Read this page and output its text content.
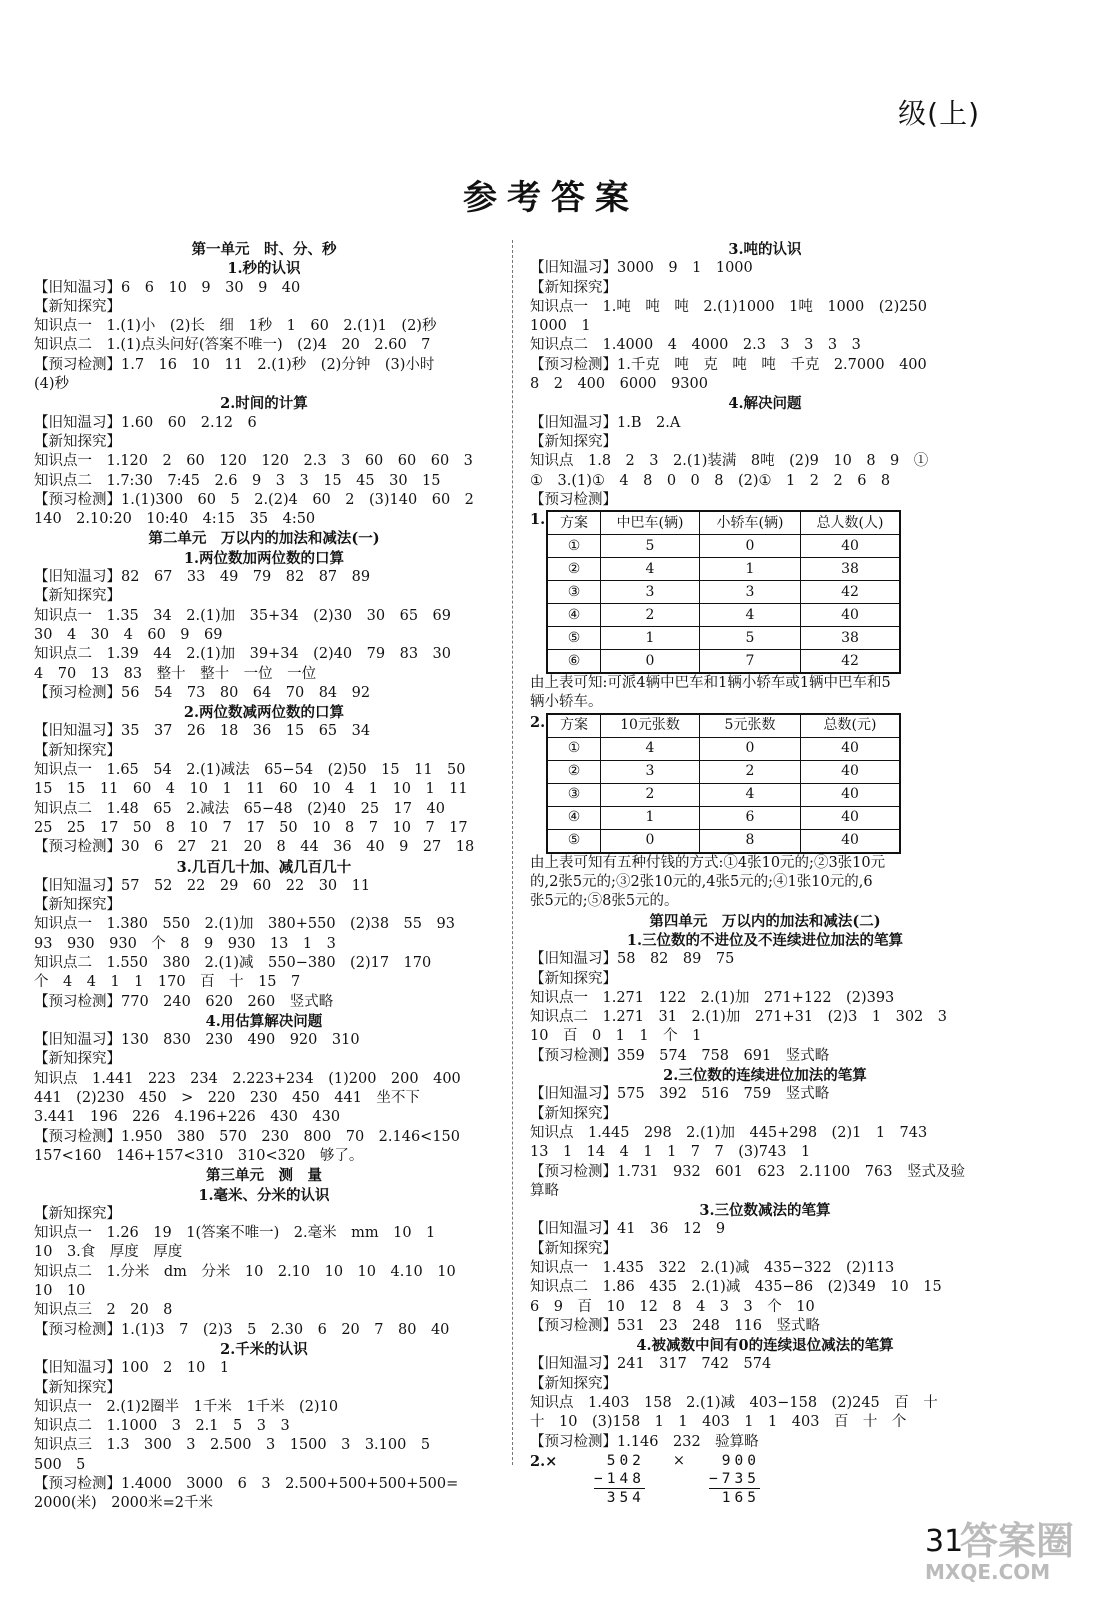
级(上)
参考答案
第一单元　时、分、秒
1.秒的认识
【旧知温习】6　6　10　9　30　9　40
【新知探究】
知识点一　1.(1)小　(2)长　细　1秒　1　60　2.(1)1　(2)秒
知识点二　1.(1)点头问好(答案不唯一)　(2)4　20　2.60　7
【预习检测】1.7　16　10　11　2.(1)秒　(2)分钟　(3)小时
(4)秒
2.时间的计算
【旧知温习】1.60　60　2.12　6
【新知探究】
知识点一　1.120　2　60　120　120　2.3　3　60　60　60　3
知识点二　1.7:30　7:45　2.6　9　3　3　15　45　30　15
【预习检测】1.(1)300　60　5　2.(2)4　60　2　(3)140　60　2
140　2.10:20　10:40　4:15　35　4:50
第二单元　万以内的加法和减法(一)
1.两位数加两位数的口算
【旧知温习】82　67　33　49　79　82　87　89
【新知探究】
知识点一　1.35　34　2.(1)加　35+34　(2)30　30　65　69
30　4　30　4　60　9　69
知识点二　1.39　44　2.(1)加　39+34　(2)40　79　83　30
4　70　13　83　整十　整十　一位　一位
【预习检测】56　54　73　80　64　70　84　92
2.两位数减两位数的口算
【旧知温习】35　37　26　18　36　15　65　34
【新知探究】
知识点一　1.65　54　2.(1)减法　65−54　(2)50　15　11　50
15　15　11　60　4　10　1　11　60　10　4　1　10　1　11
知识点二　1.48　65　2.减法　65−48　(2)40　25　17　40
25　25　17　50　8　10　7　17　50　10　8　7　10　7　17
【预习检测】30　6　27　21　20　8　44　36　40　9　27　18
3.几百几十加、减几百几十
【旧知温习】57　52　22　29　60　22　30　11
【新知探究】
知识点一　1.380　550　2.(1)加　380+550　(2)38　55　93
93　930　930　个　8　9　930　13　1　3
知识点二　1.550　380　2.(1)减　550−380　(2)17　170
个　4　4　1　1　170　百　十　15　7
【预习检测】770　240　620　260　竖式略
4.用估算解决问题
【旧知温习】130　830　230　490　920　310
【新知探究】
知识点　1.441　223　234　2.223+234　(1)200　200　400
441　(2)230　450　>　220　230　450　441　坐不下
3.441　196　226　4.196+226　430　430
【预习检测】1.950　380　570　230　800　70　2.146<150
157<160　146+157<310　310<320　够了。
第三单元　测　量
1.毫米、分米的认识
【新知探究】
知识点一　1.26　19　1(答案不唯一)　2.毫米　mm　10　1
10　3.食　厚度　厚度
知识点二　1.分米　dm　分米　10　2.10　10　10　4.10　10
10　10
知识点三　2　20　8
【预习检测】1.(1)3　7　(2)3　5　2.30　6　20　7　80　40
2.千米的认识
【旧知温习】100　2　10　1
【新知探究】
知识点一　2.(1)2圈半　1千米　1千米　(2)10
知识点二　1.1000　3　2.1　5　3　3
知识点三　1.3　300　3　2.500　3　1500　3　3.100　5
500　5
【预习检测】1.4000　3000　6　3　2.500+500+500+500=
2000(米)　2000米=2千米
3.吨的认识
【旧知温习】3000　9　1　1000
【新知探究】
知识点一　1.吨　吨　吨　2.(1)1000　1吨　1000　(2)250
1000　1
知识点二　1.4000　4　4000　2.3　3　3　3　3
【预习检测】1.千克　吨　克　吨　吨　千克　2.7000　400
8　2　400　6000　9300
4.解决问题
【旧知温习】1.B　2.A
【新知探究】
知识点　1.8　2　3　2.(1)装满　8吨　(2)9　10　8　9　①
①　3.(1)①　4　8　0　0　8　(2)①　1　2　2　6　8
【预习检测】
1. 方案	中巴车(辆)	小轿车(辆)	总人数(人)
①	5	0	40
②	4	1	38
③	3	3	42
④	2	4	40
⑤	1	5	38
⑥	0	7	42
由上表可知:可派4辆中巴车和1辆小轿车或1辆中巴车和5
辆小轿车。
2. 方案	10元张数	5元张数	总数(元)
①	4	0	40
②	3	2	40
③	2	4	40
④	1	6	40
⑤	0	8	40
由上表可知有五种付钱的方式:①4张10元的;②3张10元
的,2张5元的;③2张10元的,4张5元的;④1张10元的,6
张5元的;⑤8张5元的。
第四单元　万以内的加法和减法(二)
1.三位数的不进位及不连续进位加法的笔算
【旧知温习】58　82　89　75
【新知探究】
知识点一　1.271　122　2.(1)加　271+122　(2)393
知识点二　1.271　31　2.(1)加　271+31　(2)3　1　302　3
10　百　0　1　1　个　1
【预习检测】359　574　758　691　竖式略
2.三位数的连续进位加法的笔算
【旧知温习】575　392　516　759　竖式略
【新知探究】
知识点　1.445　298　2.(1)加　445+298　(2)1　1　743
13　1　14　4　1　1　7　7　(3)743　1
【预习检测】1.731　932　601　623　2.1100　763　竖式及验
算略
3.三位数减法的笔算
【旧知温习】41　36　12　9
【新知探究】
知识点一　1.435　322　2.(1)减　435−322　(2)113
知识点二　1.86　435　2.(1)减　435−86　(2)349　10　15
6　9　百　10　12　8　4　3　3　个　10
【预习检测】531　23　248　116　竖式略
4.被减数中间有0的连续退位减法的笔算
【旧知温习】241　317　742　574
【新知探究】
知识点　1.403　158　2.(1)减　403−158　(2)245　百　十
十　10　(3)158　1　1　403　1　1　403　百　十　个
【预习检测】1.146　232　验算略
2.×	502
−148
354
×	900
−735
165
31
答案圈
MXQE.COM
